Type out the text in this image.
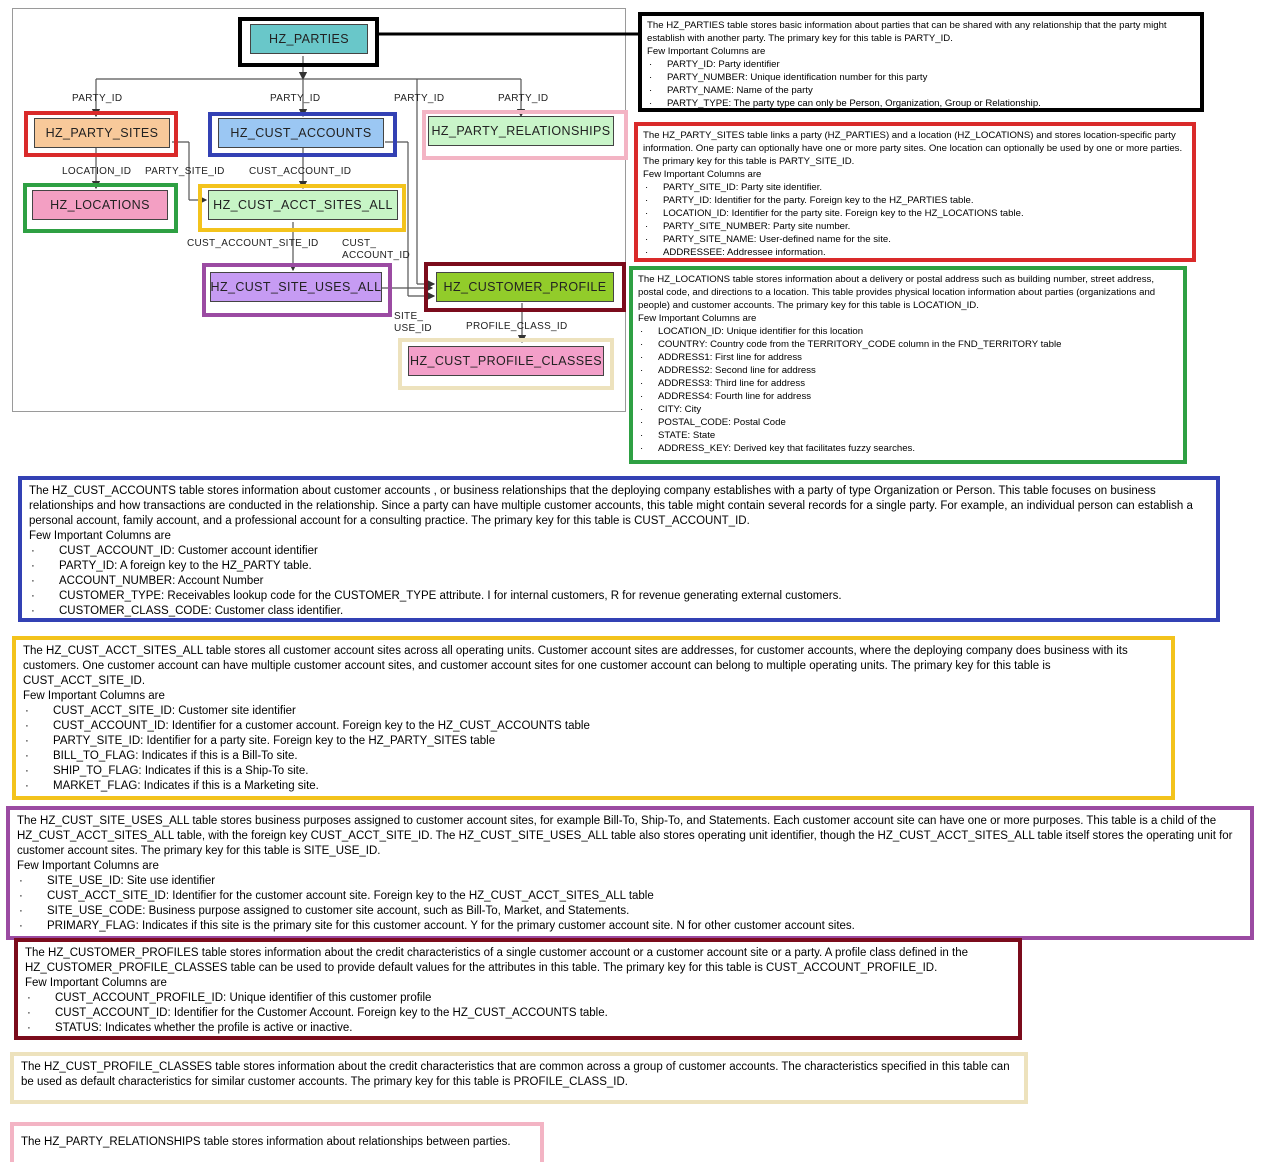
HZ_PARTIES
HZ_PARTY_SITES	HZ_CUST_ACCOUNTS	HZ_PARTY_RELATIONSHIPS
HZ_LOCATIONS	HZ_CUST_ACCT_SITES_ALL
HZ_CUST_SITE_USES_ALL	HZ_CUSTOMER_PROFILE
HZ_CUST_PROFILE_CLASSES
PARTY_ID	PARTY_ID	PARTY_ID	PARTY_ID
LOCATION_ID PARTY_SITE_ID CUST_ACCOUNT_ID
CUST_ACCOUNT_SITE_ID CUST_
ACCOUNT_ID
SITE_
USE_ID	PROFILE_CLASS_ID

The HZ_PARTIES table stores basic information about parties that can be shared with any relationship that the party might establish with another party. The primary key for this table is PARTY_ID.

Few Important Columns are

· PARTY_ID: Party identifier
· PARTY_NUMBER: Unique identification number for this party
· PARTY_NAME: Name of the party
· PARTY_TYPE: The party type can only be Person, Organization, Group or Relationship.

The HZ_PARTY_SITES table links a party (HZ_PARTIES) and a location (HZ_LOCATIONS) and stores location-specific party information. One party can optionally have one or more party sites. One location can optionally be used by one or more parties. The primary key for this table is PARTY_SITE_ID.

Few Important Columns are

· PARTY_SITE_ID: Party site identifier.
· PARTY_ID: Identifier for the party. Foreign key to the HZ_PARTIES table.
· LOCATION_ID: Identifier for the party site. Foreign key to the HZ_LOCATIONS table.
· PARTY_SITE_NUMBER: Party site number.
· PARTY_SITE_NAME: User-defined name for the site.
· ADDRESSEE: Addressee information.

The HZ_LOCATIONS table stores information about a delivery or postal address such as building number, street address, postal code, and directions to a location. This table provides physical location information about parties (organizations and people) and customer accounts. The primary key for this table is LOCATION_ID.

Few Important Columns are

· LOCATION_ID: Unique identifier for this location
· COUNTRY: Country code from the TERRITORY_CODE column in the FND_TERRITORY table
· ADDRESS1: First line for address
· ADDRESS2: Second line for address
· ADDRESS3: Third line for address
· ADDRESS4: Fourth line for address
· CITY: City
· POSTAL_CODE: Postal Code
· STATE: State
· ADDRESS_KEY: Derived key that facilitates fuzzy searches.

The HZ_CUST_ACCOUNTS table stores information about customer accounts , or business relationships that the deploying company establishes with a party of type Organization or Person. This table focuses on business relationships and how transactions are conducted in the relationship. Since a party can have multiple customer accounts, this table might contain several records for a single party. For example, an individual person can establish a personal account, family account, and a professional account for a consulting practice. The primary key for this table is CUST_ACCOUNT_ID.

Few Important Columns are

· CUST_ACCOUNT_ID: Customer account identifier
· PARTY_ID: A foreign key to the HZ_PARTY table.
· ACCOUNT_NUMBER: Account Number
· CUSTOMER_TYPE: Receivables lookup code for the CUSTOMER_TYPE attribute. I for internal customers, R for revenue generating external customers.
· CUSTOMER_CLASS_CODE: Customer class identifier.

The HZ_CUST_ACCT_SITES_ALL table stores all customer account sites across all operating units. Customer account sites are addresses, for customer accounts, where the deploying company does business with its customers. One customer account can have multiple customer account sites, and customer account sites for one customer account can belong to multiple operating units. The primary key for this table is CUST_ACCT_SITE_ID.

Few Important Columns are

· CUST_ACCT_SITE_ID: Customer site identifier
· CUST_ACCOUNT_ID: Identifier for a customer account. Foreign key to the HZ_CUST_ACCOUNTS table
· PARTY_SITE_ID: Identifier for a party site. Foreign key to the HZ_PARTY_SITES table
· BILL_TO_FLAG: Indicates if this is a Bill-To site.
· SHIP_TO_FLAG: Indicates if this is a Ship-To site.
· MARKET_FLAG: Indicates if this is a Marketing site.

The HZ_CUST_SITE_USES_ALL table stores business purposes assigned to customer account sites, for example Bill-To, Ship-To, and Statements. Each customer account site can have one or more purposes. This table is a child of the HZ_CUST_ACCT_SITES_ALL table, with the foreign key CUST_ACCT_SITE_ID. The HZ_CUST_SITE_USES_ALL table also stores operating unit identifier, though the HZ_CUST_ACCT_SITES_ALL table itself stores the operating unit for customer account sites. The primary key for this table is SITE_USE_ID.

Few Important Columns are

· SITE_USE_ID: Site use identifier
· CUST_ACCT_SITE_ID: Identifier for the customer account site. Foreign key to the HZ_CUST_ACCT_SITES_ALL table
· SITE_USE_CODE: Business purpose assigned to customer site account, such as Bill-To, Market, and Statements.
· PRIMARY_FLAG: Indicates if this site is the primary site for this customer account. Y for the primary customer account site. N for other customer account sites.

The HZ_CUSTOMER_PROFILES table stores information about the credit characteristics of a single customer account or a customer account site or a party. A profile class defined in the HZ_CUSTOMER_PROFILE_CLASSES table can be used to provide default values for the attributes in this table. The primary key for this table is CUST_ACCOUNT_PROFILE_ID.

Few Important Columns are

· CUST_ACCOUNT_PROFILE_ID: Unique identifier of this customer profile
· CUST_ACCOUNT_ID: Identifier for the Customer Account. Foreign key to the HZ_CUST_ACCOUNTS table.
· STATUS: Indicates whether the profile is active or inactive.

The HZ_CUST_PROFILE_CLASSES table stores information about the credit characteristics that are common across a group of customer accounts. The characteristics specified in this table can be used as default characteristics for similar customer accounts. The primary key for this table is PROFILE_CLASS_ID.

The HZ_PARTY_RELATIONSHIPS table stores information about relationships between parties.
